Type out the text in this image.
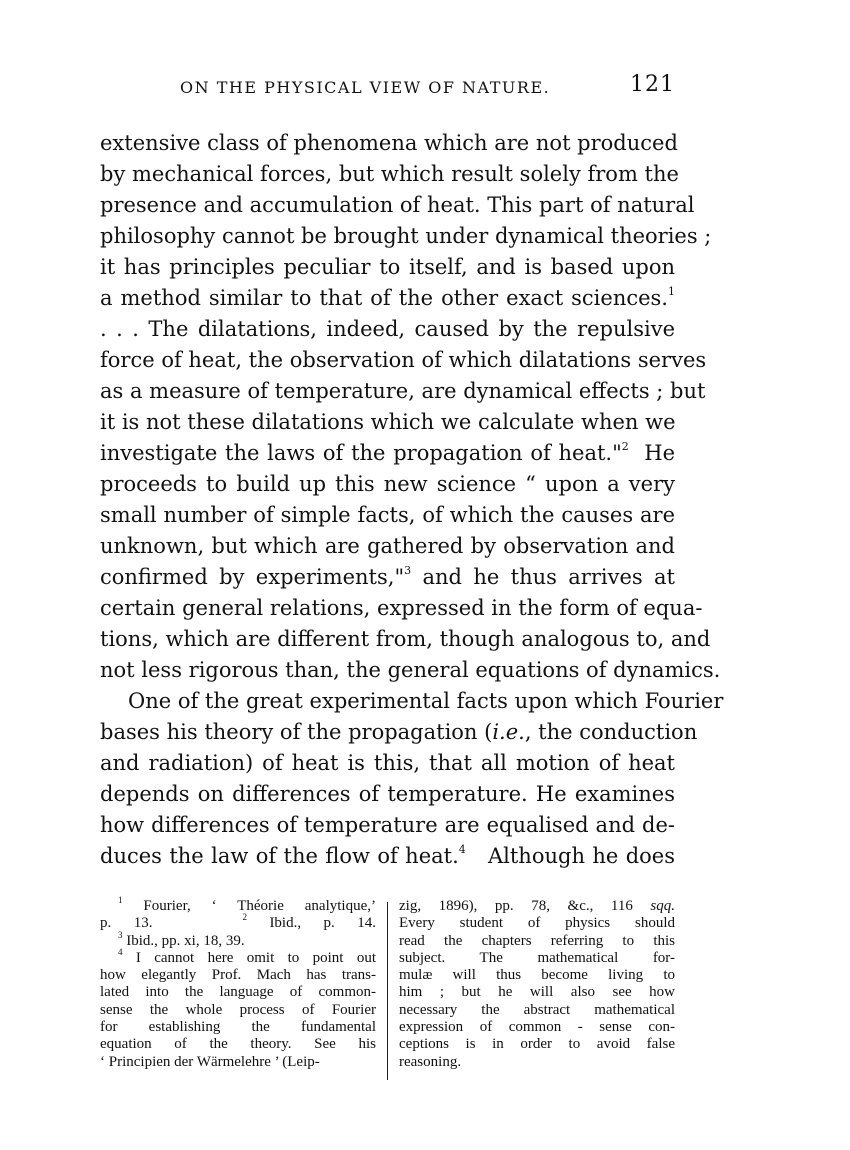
ON THE PHYSICAL VIEW OF NATURE.	121
extensive class of phenomena which are not produced
by mechanical forces, but which result solely from the
presence and accumulation of heat. This part of natural
philosophy cannot be brought under dynamical theories ;
it has principles peculiar to itself, and is based upon
a method similar to that of the other exact sciences.$^1$
. . . The dilatations, indeed, caused by the repulsive
force of heat, the observation of which dilatations serves
as a measure of temperature, are dynamical effects ; but
it is not these dilatations which we calculate when we
investigate the laws of the propagation of heat."$^2$ He
proceeds to build up this new science “ upon a very
small number of simple facts, of which the causes are
unknown, but which are gathered by observation and
confirmed by experiments,"$^3$ and he thus arrives at
certain general relations, expressed in the form of equa-
tions, which are different from, though analogous to, and
not less rigorous than, the general equations of dynamics.
One of the great experimental facts upon which Fourier
bases his theory of the propagation (i.e., the conduction
and radiation) of heat is this, that all motion of heat
depends on differences of temperature. He examines
how differences of temperature are equalised and de-
duces the law of the flow of heat.$^4$ Although he does
$^1$ Fourier, ‘ Théorie analytique,’
p. 13.	$^2$ Ibid., p. 14.
$^3$ Ibid., pp. xi, 18, 39.
$^4$ I cannot here omit to point out
how elegantly Prof. Mach has trans-
lated into the language of common-
sense the whole process of Fourier
for establishing the fundamental
equation of the theory. See his
‘ Principien der Wärmelehre ’ (Leip-
zig, 1896), pp. 78, &c., 116 sqq.
Every student of physics should
read the chapters referring to this
subject. The mathematical for-
mulæ will thus become living to
him ; but he will also see how
necessary the abstract mathematical
expression of common - sense con-
ceptions is in order to avoid false
reasoning.
